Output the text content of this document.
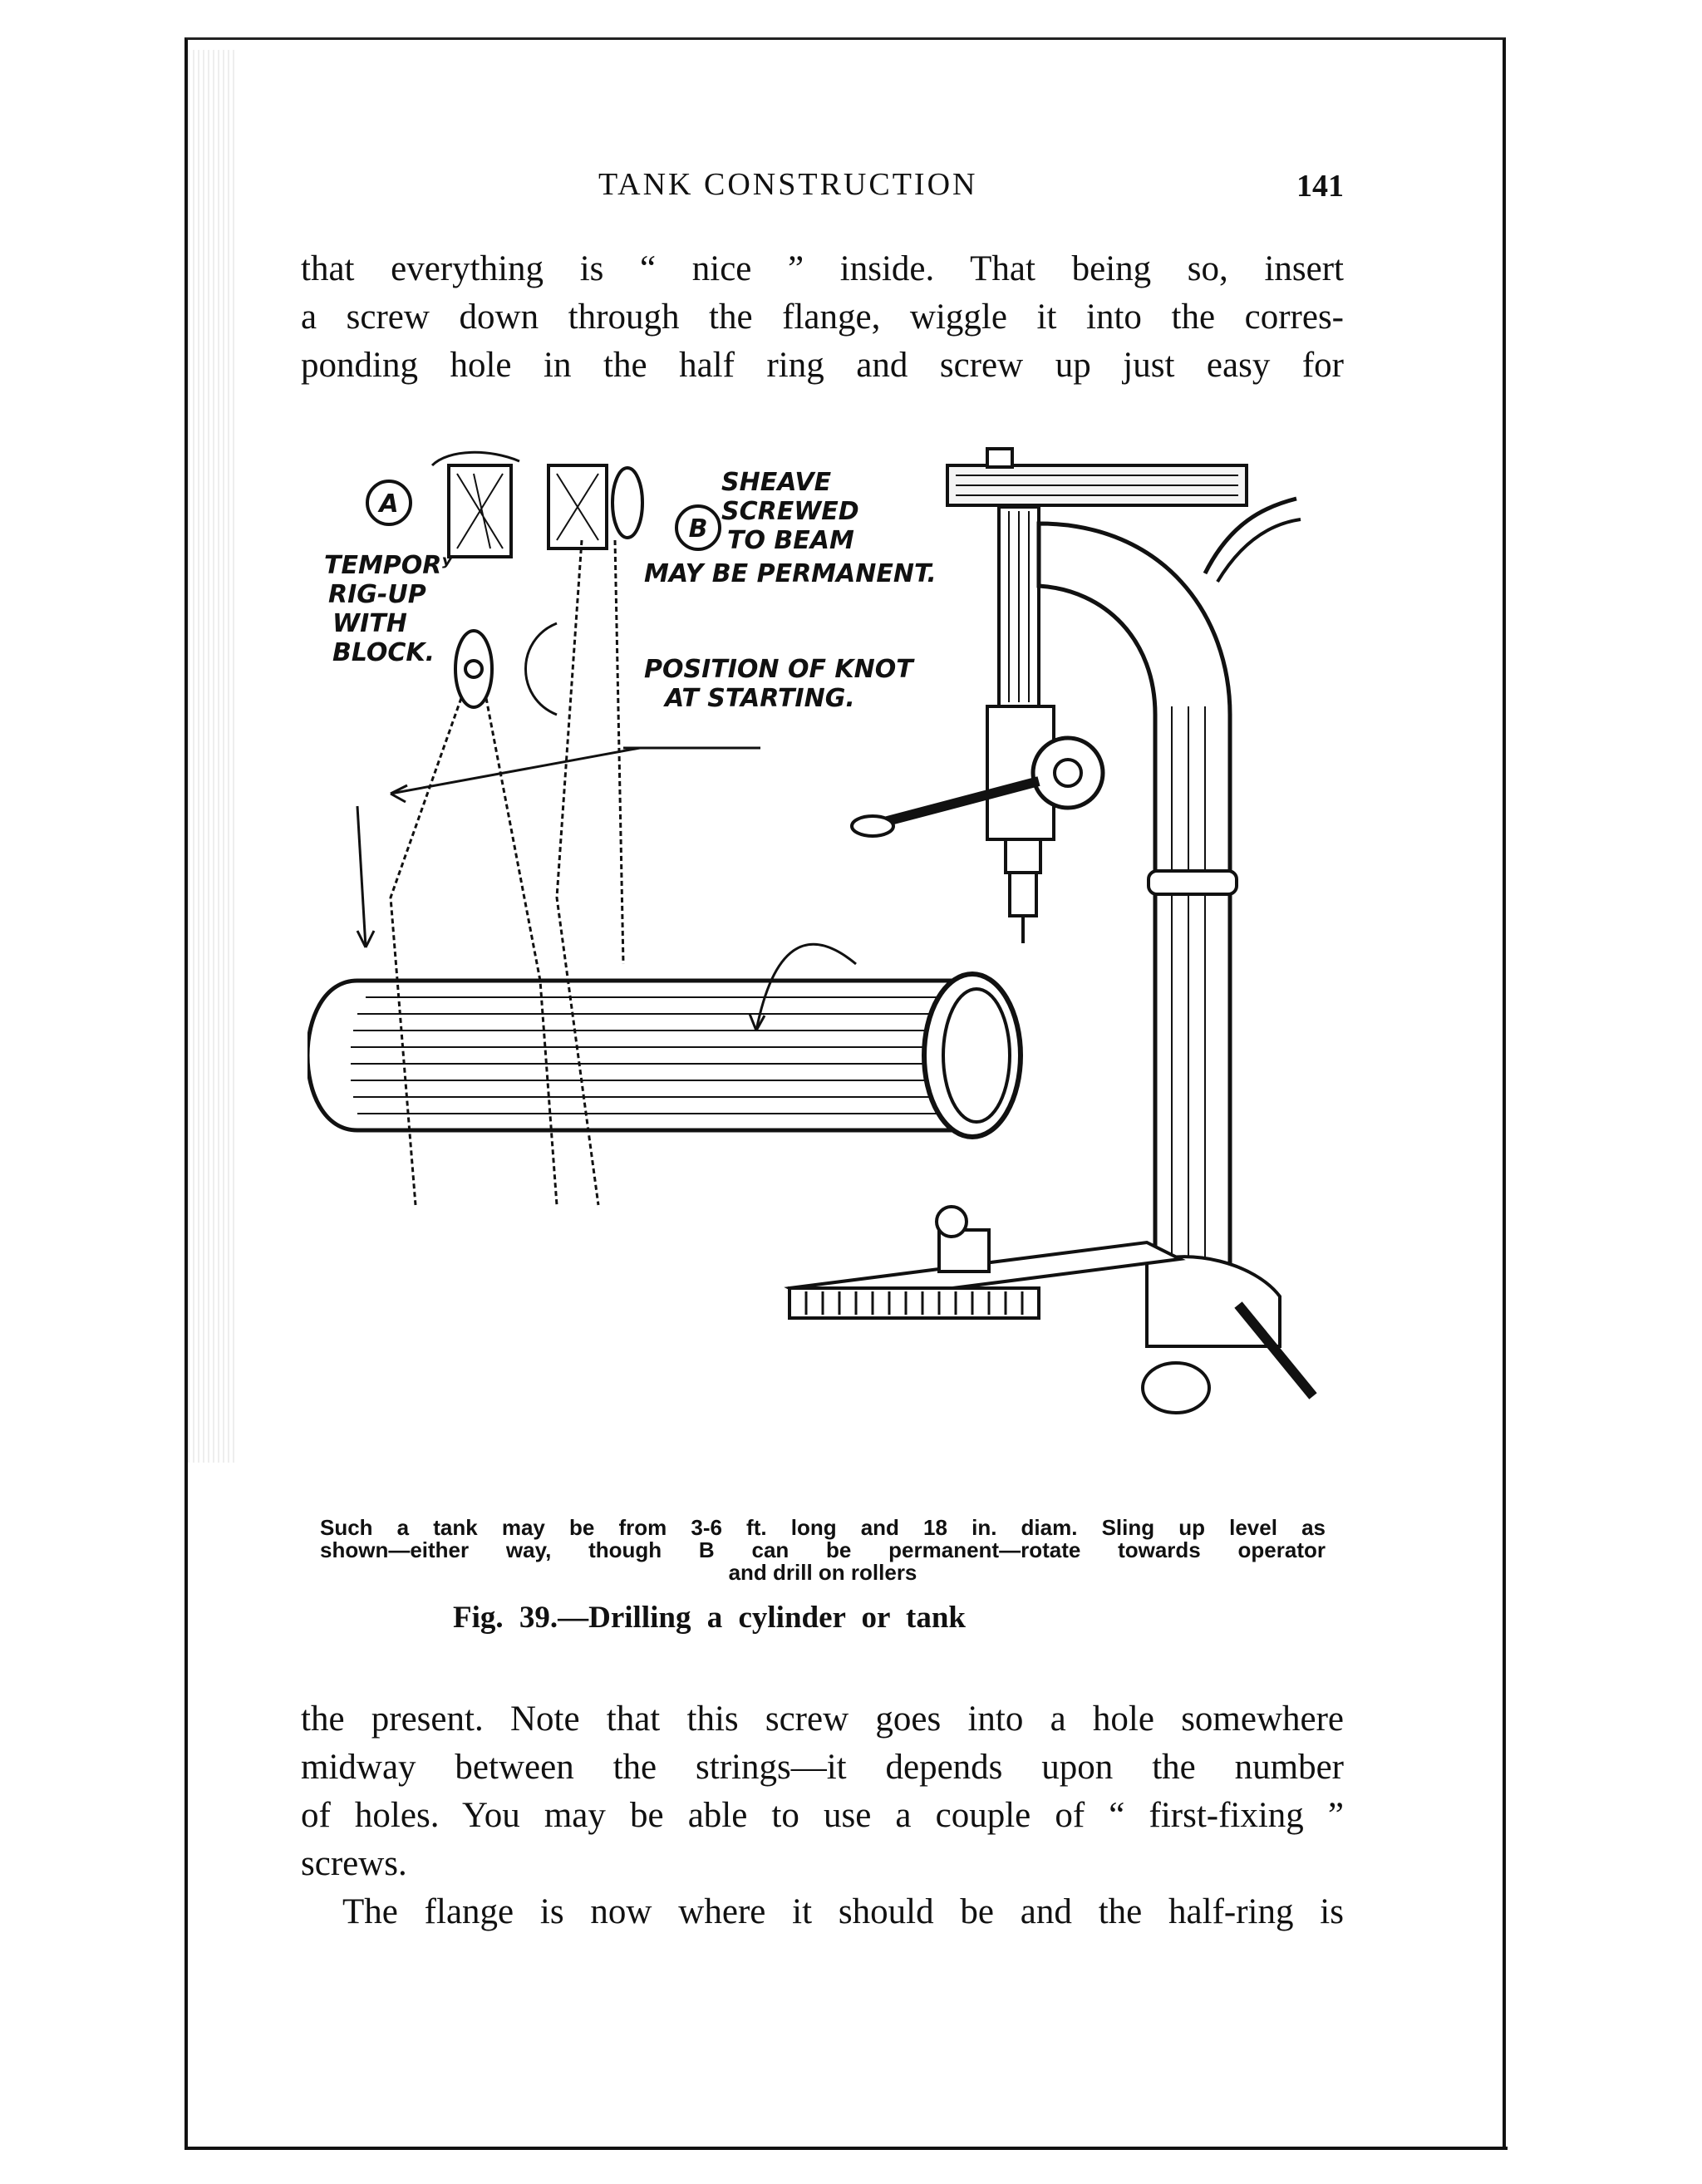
TANK CONSTRUCTION	141

that everything is “ nice ” inside. That being so, insert
a screw down through the flange, wiggle it into the corres-
ponding hole in the half ring and screw up just easy for

A
B
SHEAVE
SCREWED
TO BEAM
MAY BE PERMANENT.
TEMPORʸ
RIG-UP
WITH
BLOCK.
POSITION OF KNOT
AT STARTING.
Such a tank may be from 3-6 ft. long and 18 in. diam. Sling up level as
shown—either way, though B can be permanent—rotate towards operator
and drill on rollers
Fig. 39.—Drilling a cylinder or tank

the present. Note that this screw goes into a hole somewhere
midway between the strings—it depends upon the number
of holes. You may be able to use a couple of “ first-fixing ”
screws.
The flange is now where it should be and the half-ring is
